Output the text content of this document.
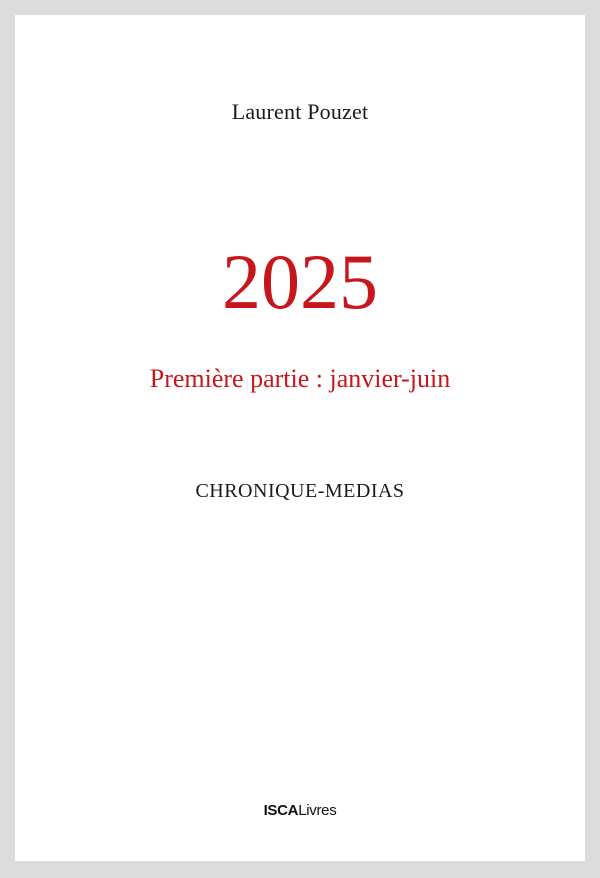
Laurent Pouzet
2025
Première partie : janvier-juin
CHRONIQUE-MEDIAS
ISCALivres
